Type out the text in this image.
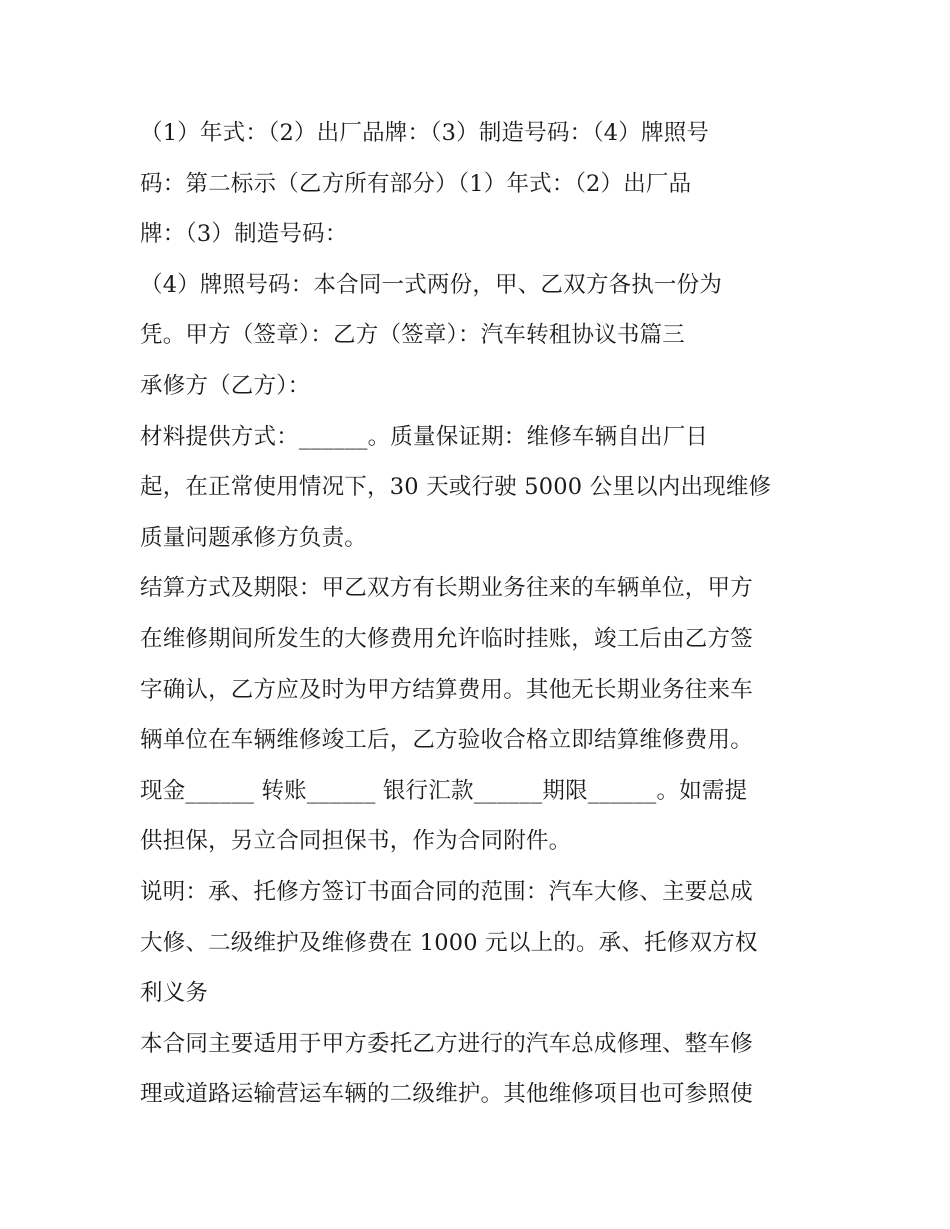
（1）年式：（2）出厂品牌：（3）制造号码：（4）牌照号
码：第二标示（乙方所有部分）（1）年式：（2）出厂品
牌：（3）制造号码：
（4）牌照号码：本合同一式两份，甲、乙双方各执一份为
凭。甲方（签章）：乙方（签章）：汽车转租协议书篇三
承修方（乙方）：
材料提供方式：______。质量保证期：维修车辆自出厂日
起，在正常使用情况下，30 天或行驶 5000 公里以内出现维修
质量问题承修方负责。
结算方式及期限：甲乙双方有长期业务往来的车辆单位，甲方
在维修期间所发生的大修费用允许临时挂账，竣工后由乙方签
字确认，乙方应及时为甲方结算费用。其他无长期业务往来车
辆单位在车辆维修竣工后，乙方验收合格立即结算维修费用。
现金______ 转账______ 银行汇款______期限______。如需提
供担保，另立合同担保书，作为合同附件。
说明：承、托修方签订书面合同的范围：汽车大修、主要总成
大修、二级维护及维修费在 1000 元以上的。承、托修双方权
利义务
本合同主要适用于甲方委托乙方进行的汽车总成修理、整车修
理或道路运输营运车辆的二级维护。其他维修项目也可参照使
